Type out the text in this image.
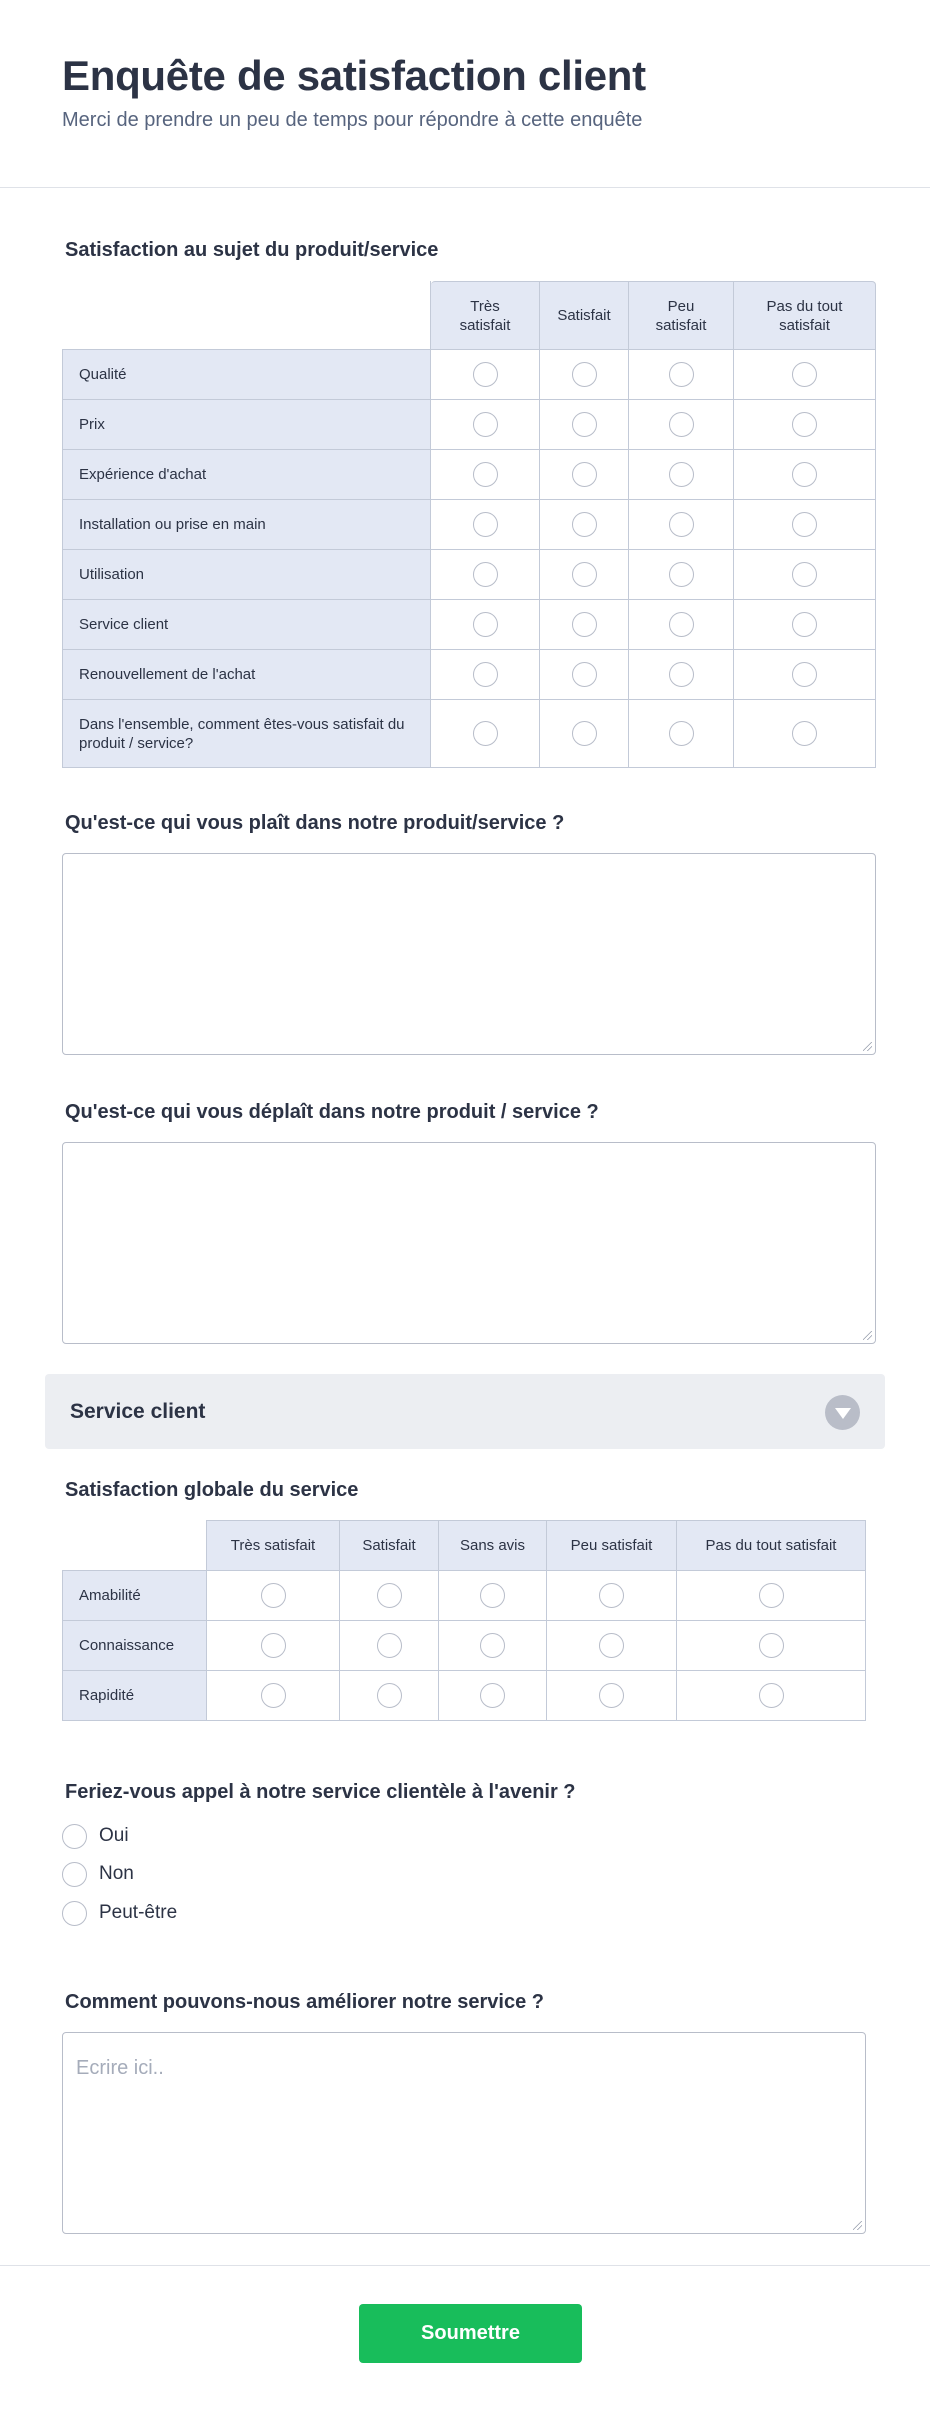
Enquête de satisfaction client
Merci de prendre un peu de temps pour répondre à cette enquête
Satisfaction au sujet du produit/service
	Très satisfait	Satisfait	Peu satisfait	Pas du tout satisfait
Qualité				
Prix				
Expérience d'achat				
Installation ou prise en main				
Utilisation				
Service client				
Renouvellement de l'achat				
Dans l'ensemble, comment êtes-vous satisfait du produit / service?				
Qu'est-ce qui vous plaît dans notre produit/service ?
Qu'est-ce qui vous déplaît dans notre produit / service ?
Service client
Satisfaction globale du service
	Très satisfait	Satisfait	Sans avis	Peu satisfait	Pas du tout satisfait
Amabilité					
Connaissance					
Rapidité					
Feriez-vous appel à notre service clientèle à l'avenir ?
Oui
Non
Peut-être
Comment pouvons-nous améliorer notre service ?
Ecrire ici..
Soumettre
